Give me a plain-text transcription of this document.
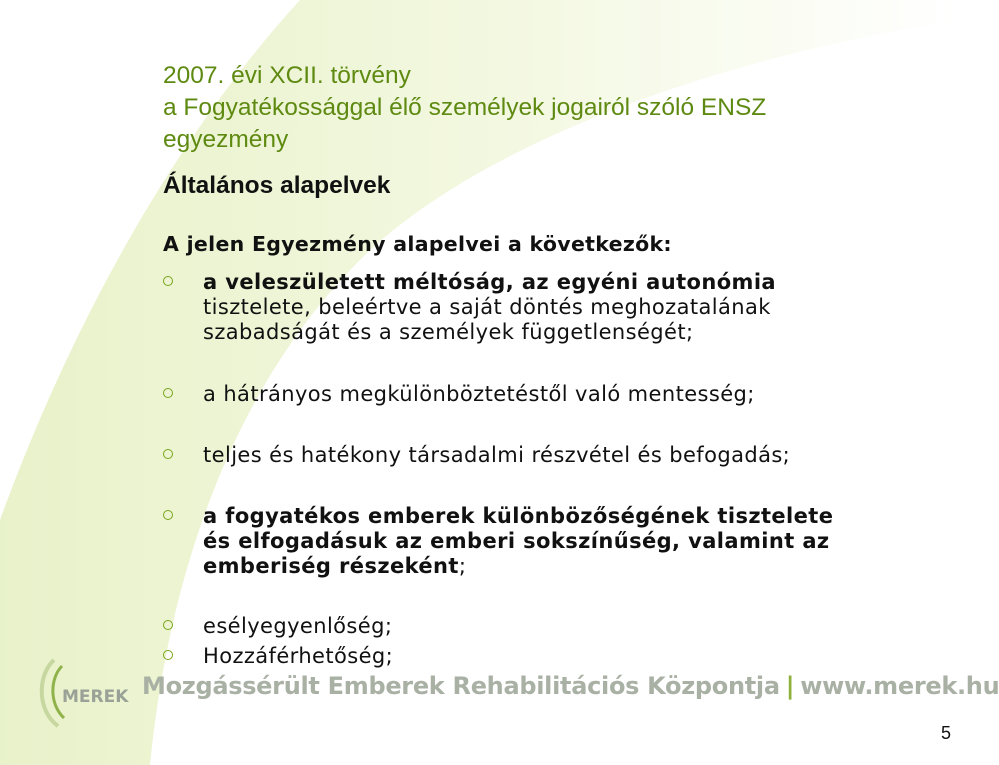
2007. évi XCII. törvény
a Fogyatékossággal élő személyek jogairól szóló ENSZ
egyezmény
Általános alapelvek
A jelen Egyezmény alapelvei a következők:
a veleszületett méltóság, az egyéni autonómia
tisztelete, beleértve a saját döntés meghozatalának
szabadságát és a személyek függetlenségét;
a hátrányos megkülönböztetéstől való mentesség;
teljes és hatékony társadalmi részvétel és befogadás;
a fogyatékos emberek különbözőségének tisztelete
és elfogadásuk az emberi sokszínűség, valamint az
emberiség részeként;
esélyegyenlőség;
Hozzáférhetőség;
MEREK Mozgássérült Emberek Rehabilitációs Központja | www.merek.hu
5
